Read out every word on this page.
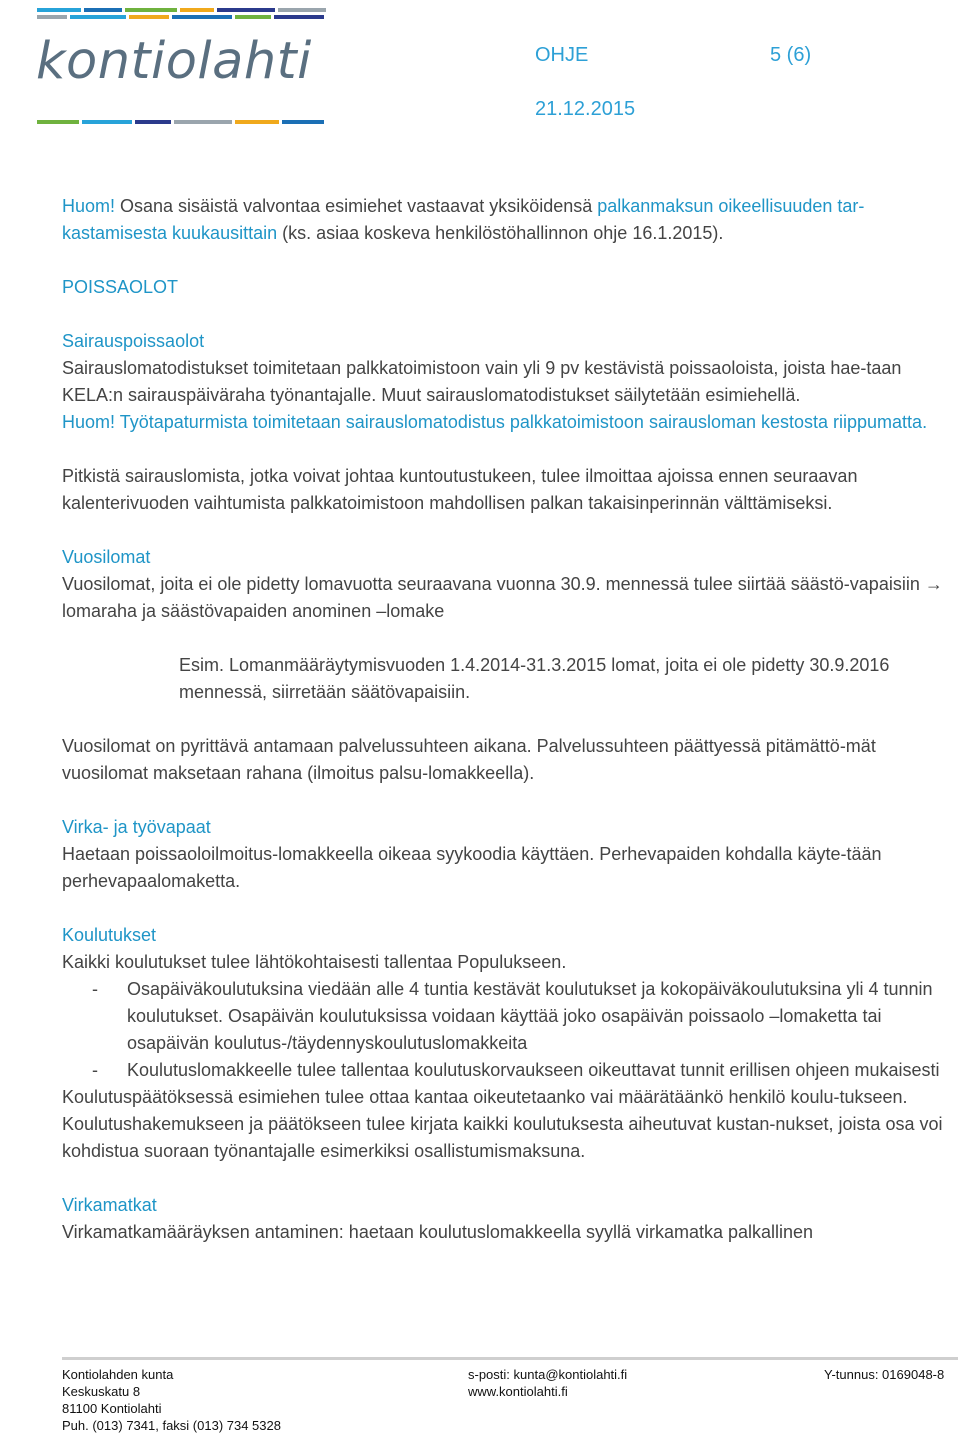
kontiolahti	OHJE	5 (6)
21.12.2015

Huom! Osana sisäistä valvontaa esimiehet vastaavat yksiköidensä palkanmaksun oikeellisuuden tar-kastamisesta kuukausittain (ks. asiaa koskeva henkilöstöhallinnon ohje 16.1.2015).

POISSAOLOT

Sairauspoissaolot

Sairauslomatodistukset toimitetaan palkkatoimistoon vain yli 9 pv kestävistä poissaoloista, joista hae-taan KELA:n sairauspäiväraha työnantajalle. Muut sairauslomatodistukset säilytetään esimiehellä.

Huom! Työtapaturmista toimitetaan sairauslomatodistus palkkatoimistoon sairausloman kestosta riippumatta.

Pitkistä sairauslomista, jotka voivat johtaa kuntoutustukeen, tulee ilmoittaa ajoissa ennen seuraavan kalenterivuoden vaihtumista palkkatoimistoon mahdollisen palkan takaisinperinnän välttämiseksi.

Vuosilomat

Vuosilomat, joita ei ole pidetty lomavuotta seuraavana vuonna 30.9. mennessä tulee siirtää säästö-vapaisiin → lomaraha ja säästövapaiden anominen –lomake

Esim. Lomanmääräytymisvuoden 1.4.2014-31.3.2015 lomat, joita ei ole pidetty 30.9.2016 mennessä, siirretään säätövapaisiin.

Vuosilomat on pyrittävä antamaan palvelussuhteen aikana. Palvelussuhteen päättyessä pitämättö-mät vuosilomat maksetaan rahana (ilmoitus palsu-lomakkeella).

Virka- ja työvapaat

Haetaan poissaoloilmoitus-lomakkeella oikeaa syykoodia käyttäen. Perhevapaiden kohdalla käyte-tään perhevapaalomaketta.

Koulutukset

Kaikki koulutukset tulee lähtökohtaisesti tallentaa Populukseen.

- Osapäiväkoulutuksina viedään alle 4 tuntia kestävät koulutukset ja kokopäiväkoulutuksina yli 4 tunnin koulutukset. Osapäivän koulutuksissa voidaan käyttää joko osapäivän poissaolo –lomaketta tai osapäivän koulutus-/täydennyskoulutuslomakkeita
- Koulutuslomakkeelle tulee tallentaa koulutuskorvaukseen oikeuttavat tunnit erillisen ohjeen mukaisesti

Koulutuspäätöksessä esimiehen tulee ottaa kantaa oikeutetaanko vai määrätäänkö henkilö koulu-tukseen. Koulutushakemukseen ja päätökseen tulee kirjata kaikki koulutuksesta aiheutuvat kustan-nukset, joista osa voi kohdistua suoraan työnantajalle esimerkiksi osallistumismaksuna.

Virkamatkat

Virkamatkamääräyksen antaminen: haetaan koulutuslomakkeella syyllä virkamatka palkallinen

Kontiolahden kunta
Keskuskatu 8
81100 Kontiolahti
Puh. (013) 7341, faksi (013) 734 5328
s-posti: kunta@kontiolahti.fi
www.kontiolahti.fi
Y-tunnus: 0169048-8
